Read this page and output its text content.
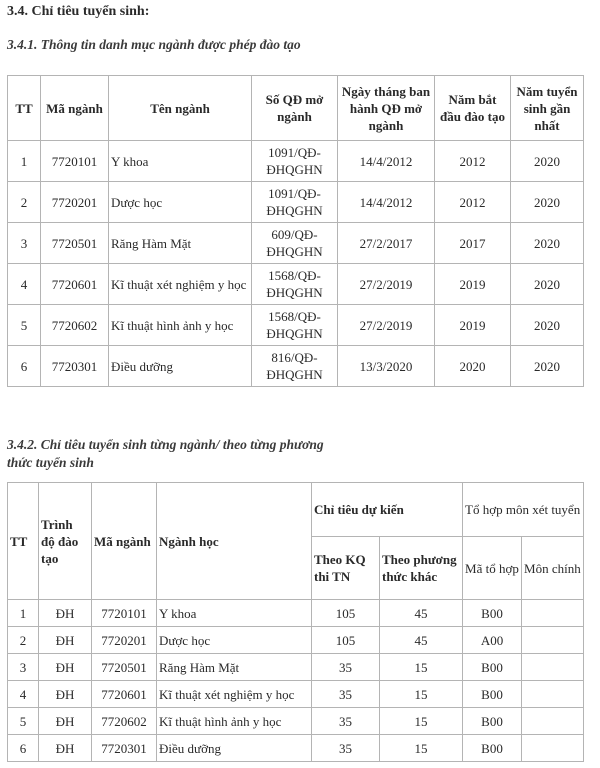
3.4. Chỉ tiêu tuyển sinh:
3.4.1. Thông tin danh mục ngành được phép đào tạo
TT	Mã ngành	Tên ngành	Số QĐ mở ngành	Ngày tháng ban hành QĐ mở ngành	Năm bắt đầu đào tạo	Năm tuyển sinh gần nhất
1	7720101	Y khoa	1091/QĐ-ĐHQGHN	14/4/2012	2012	2020
2	7720201	Dược học	1091/QĐ-ĐHQGHN	14/4/2012	2012	2020
3	7720501	Răng Hàm Mặt	609/QĐ-ĐHQGHN	27/2/2017	2017	2020
4	7720601	Kĩ thuật xét nghiệm y học	1568/QĐ-ĐHQGHN	27/2/2019	2019	2020
5	7720602	Kĩ thuật hình ảnh y học	1568/QĐ-ĐHQGHN	27/2/2019	2019	2020
6	7720301	Điều dưỡng	816/QĐ-ĐHQGHN	13/3/2020	2020	2020
3.4.2. Chỉ tiêu tuyển sinh từng ngành/ theo từng phương thức tuyển sinh
TT	Trình độ đào tạo	Mã ngành	Ngành học	Chỉ tiêu dự kiến		Tổ hợp môn xét tuyển	
				Theo KQ thi TN	Theo phương thức khác	Mã tổ hợp	Môn chính
1	ĐH	7720101	Y khoa	105	45	B00	
2	ĐH	7720201	Dược học	105	45	A00	
3	ĐH	7720501	Răng Hàm Mặt	35	15	B00	
4	ĐH	7720601	Kĩ thuật xét nghiệm y học	35	15	B00	
5	ĐH	7720602	Kĩ thuật hình ảnh y học	35	15	B00	
6	ĐH	7720301	Điều dưỡng	35	15	B00	
